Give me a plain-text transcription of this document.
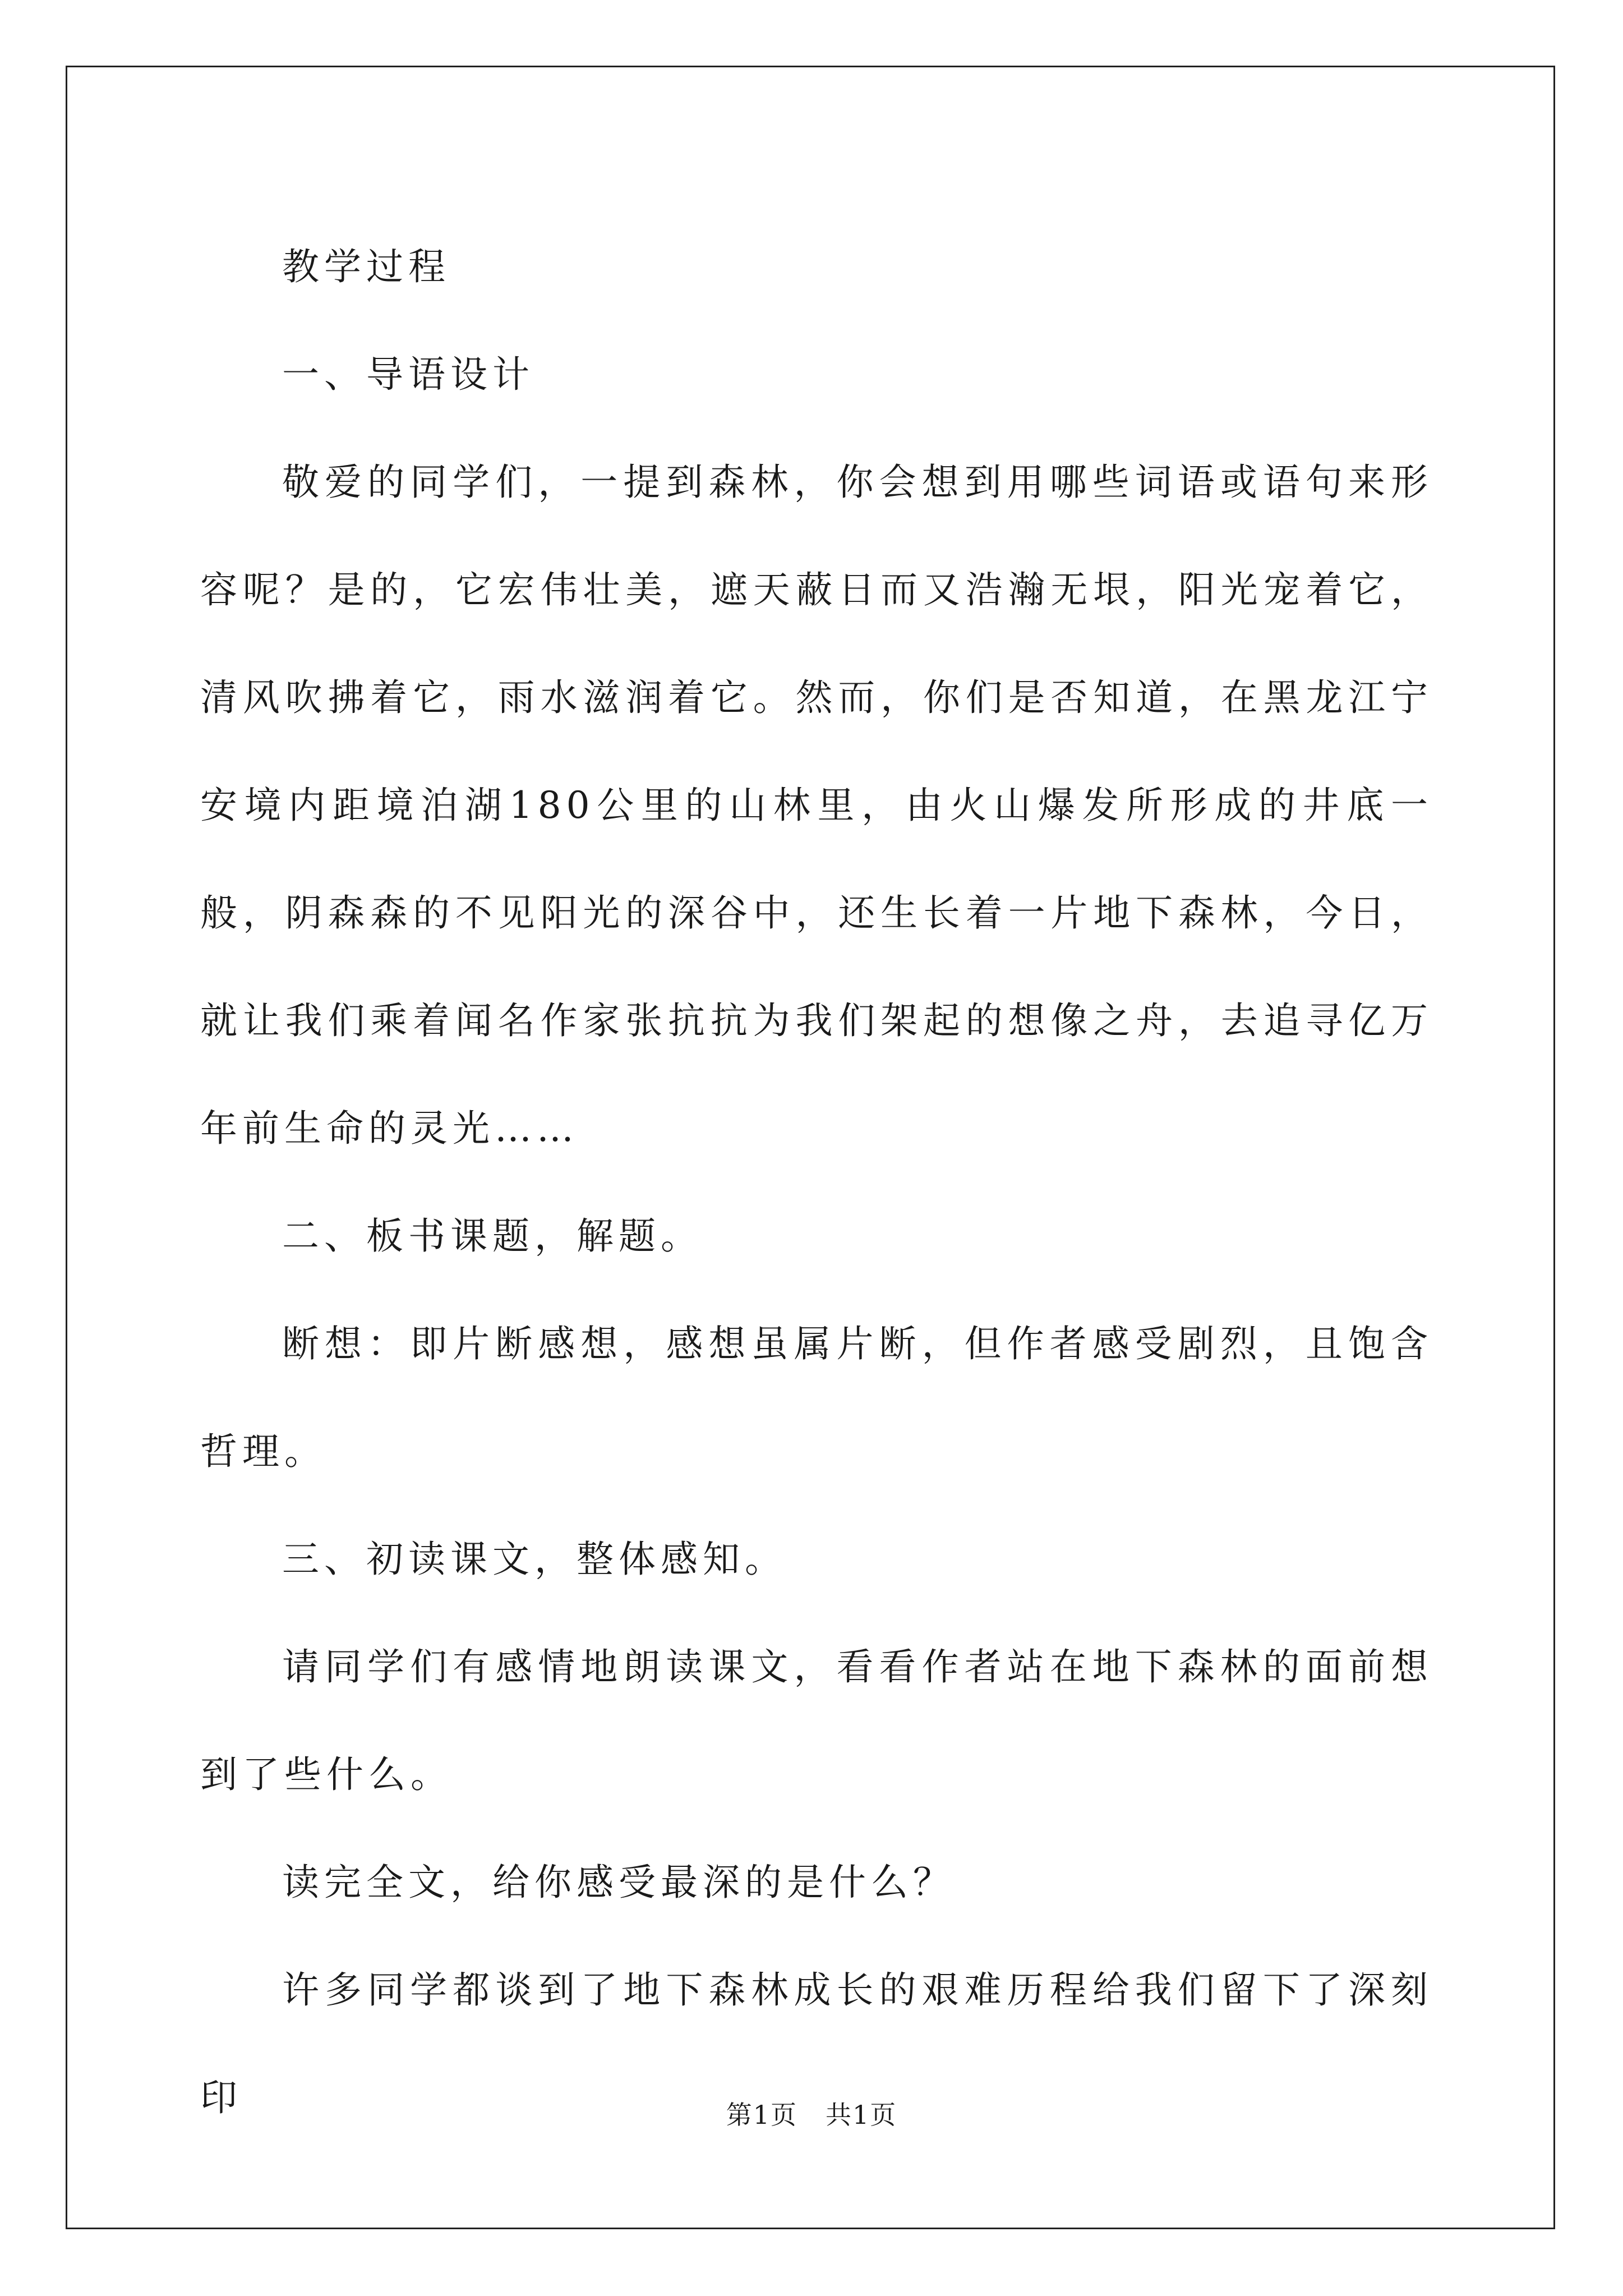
教学过程

一、导语设计

敬爱的同学们，一提到森林，你会想到用哪些词语或语句来形容呢？是的，它宏伟壮美，遮天蔽日而又浩瀚无垠，阳光宠着它，清风吹拂着它，雨水滋润着它。然而，你们是否知道，在黑龙江宁安境内距境泊湖180公里的山林里，由火山爆发所形成的井底一般，阴森森的不见阳光的深谷中，还生长着一片地下森林，今日，就让我们乘着闻名作家张抗抗为我们架起的想像之舟，去追寻亿万年前生命的灵光……

二、板书课题，解题。

断想：即片断感想，感想虽属片断，但作者感受剧烈，且饱含哲理。

三、初读课文，整体感知。

请同学们有感情地朗读课文，看看作者站在地下森林的面前想到了些什么。

读完全文，给你感受最深的是什么？

许多同学都谈到了地下森林成长的艰难历程给我们留下了深刻印	第1页 共1页
